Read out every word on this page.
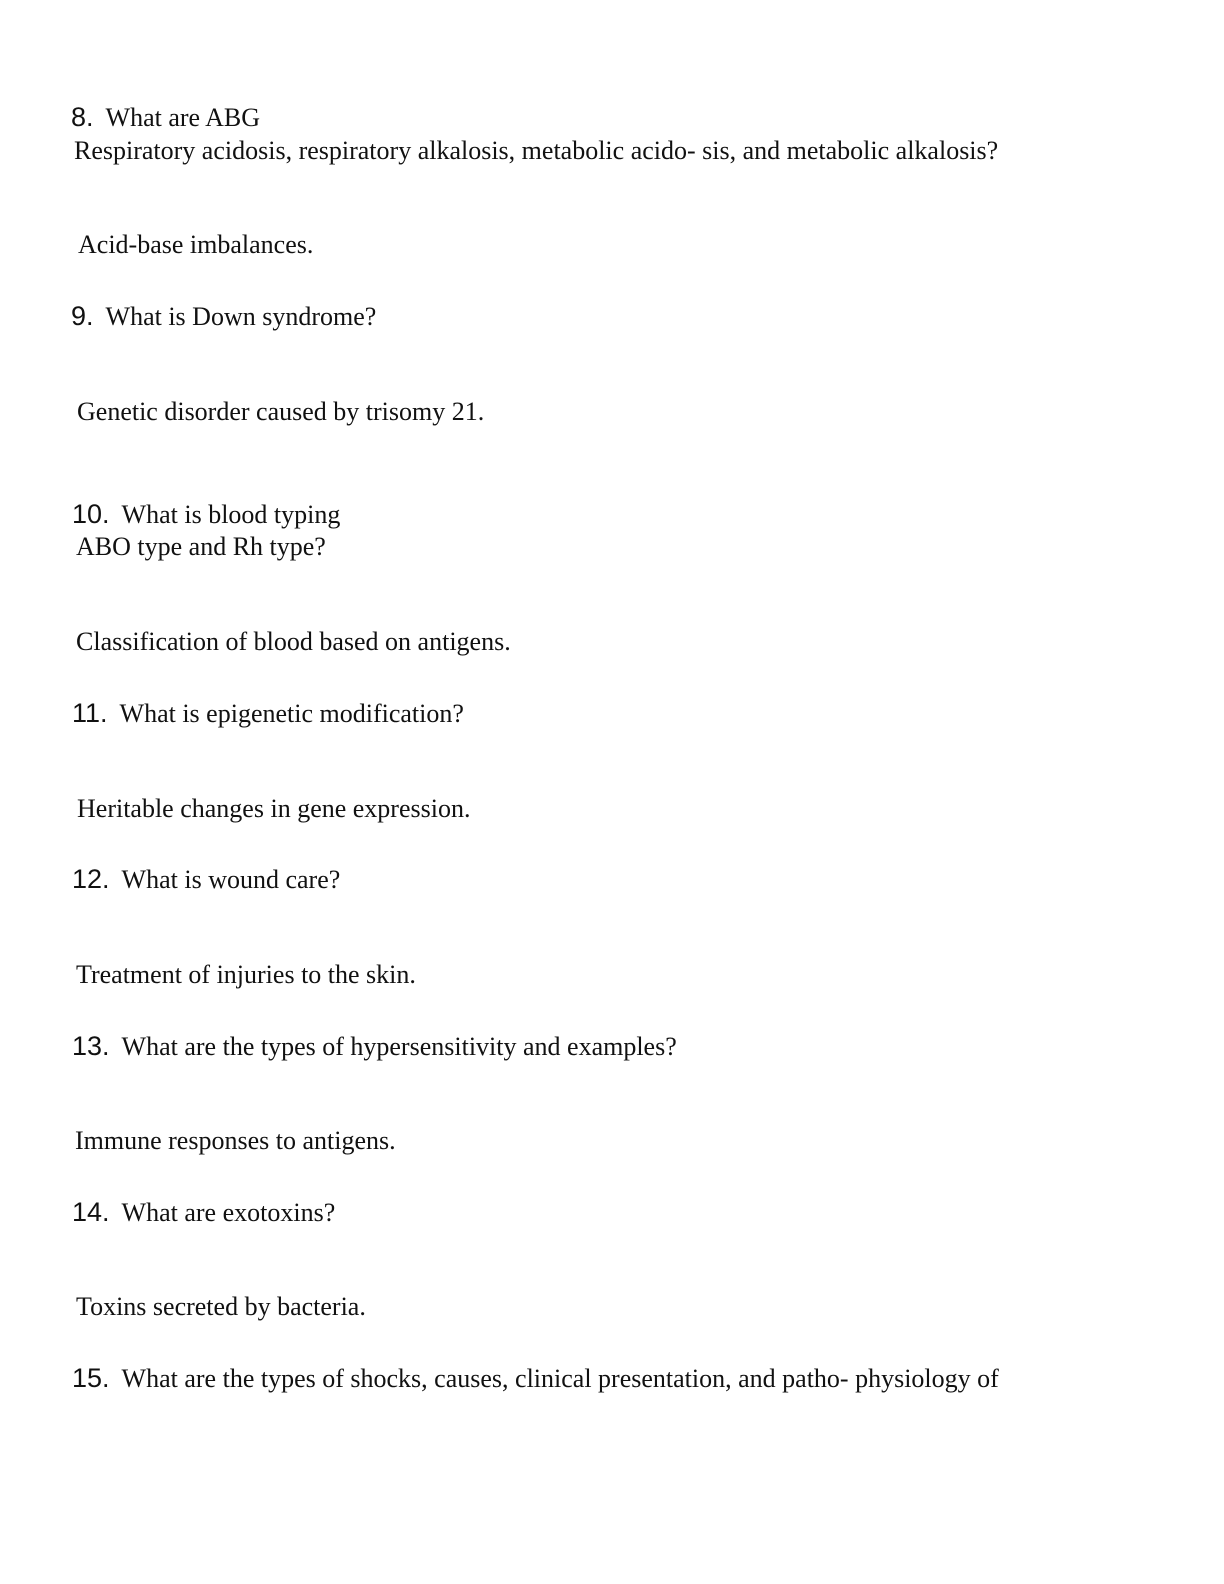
8. What are ABG
Respiratory acidosis, respiratory alkalosis, metabolic acido- sis, and metabolic alkalosis?
Acid-base imbalances.
9. What is Down syndrome?
Genetic disorder caused by trisomy 21.
10. What is blood typing
ABO type and Rh type?
Classification of blood based on antigens.
11. What is epigenetic modification?
Heritable changes in gene expression.
12. What is wound care?
Treatment of injuries to the skin.
13. What are the types of hypersensitivity and examples?
Immune responses to antigens.
14. What are exotoxins?
Toxins secreted by bacteria.
15. What are the types of shocks, causes, clinical presentation, and patho- physiology of
